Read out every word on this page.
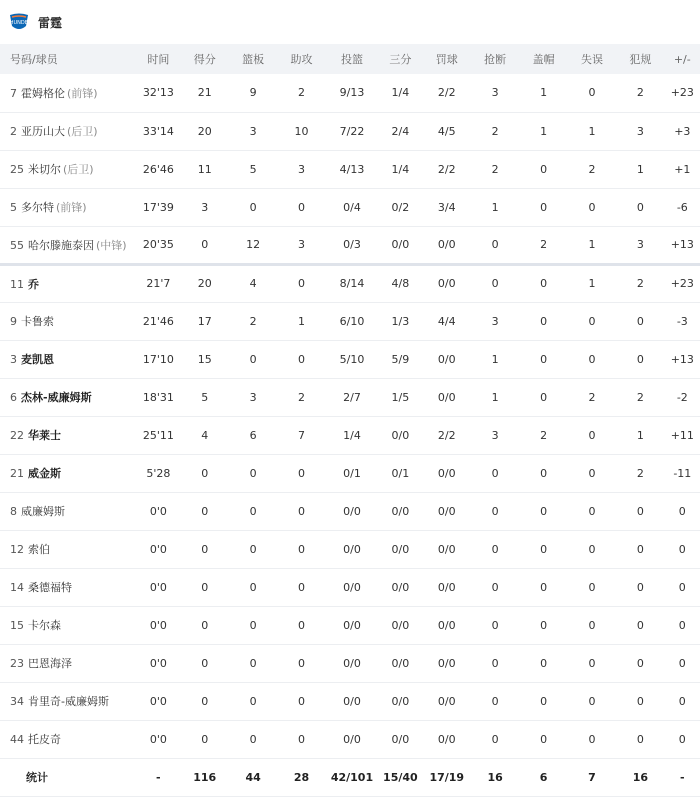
THUNDER 雷霆
号码/球员	时间	得分	篮板	助攻	投篮	三分	罚球	抢断	盖帽	失误	犯规	+/-
7 霍姆格伦 (前锋)	32'13	21	9	2	9/13	1/4	2/2	3	1	0	2	+23
2 亚历山大 (后卫)	33'14	20	3	10	7/22	2/4	4/5	2	1	1	3	+3
25 米切尔 (后卫)	26'46	11	5	3	4/13	1/4	2/2	2	0	2	1	+1
5 多尔特 (前锋)	17'39	3	0	0	0/4	0/2	3/4	1	0	0	0	-6
55 哈尔滕施泰因 (中锋)	20'35	0	12	3	0/3	0/0	0/0	0	2	1	3	+13
11 乔	21'7	20	4	0	8/14	4/8	0/0	0	0	1	2	+23
9 卡鲁索	21'46	17	2	1	6/10	1/3	4/4	3	0	0	0	-3
3 麦凯恩	17'10	15	0	0	5/10	5/9	0/0	1	0	0	0	+13
6 杰林-威廉姆斯	18'31	5	3	2	2/7	1/5	0/0	1	0	2	2	-2
22 华莱士	25'11	4	6	7	1/4	0/0	2/2	3	2	0	1	+11
21 威金斯	5'28	0	0	0	0/1	0/1	0/0	0	0	0	2	-11
8 威廉姆斯	0'0	0	0	0	0/0	0/0	0/0	0	0	0	0	0
12 索伯	0'0	0	0	0	0/0	0/0	0/0	0	0	0	0	0
14 桑德福特	0'0	0	0	0	0/0	0/0	0/0	0	0	0	0	0
15 卡尔森	0'0	0	0	0	0/0	0/0	0/0	0	0	0	0	0
23 巴恩海泽	0'0	0	0	0	0/0	0/0	0/0	0	0	0	0	0
34 肯里奇-威廉姆斯	0'0	0	0	0	0/0	0/0	0/0	0	0	0	0	0
44 托皮奇	0'0	0	0	0	0/0	0/0	0/0	0	0	0	0	0
统计	-	116	44	28	42/101	15/40	17/19	16	6	7	16	-
